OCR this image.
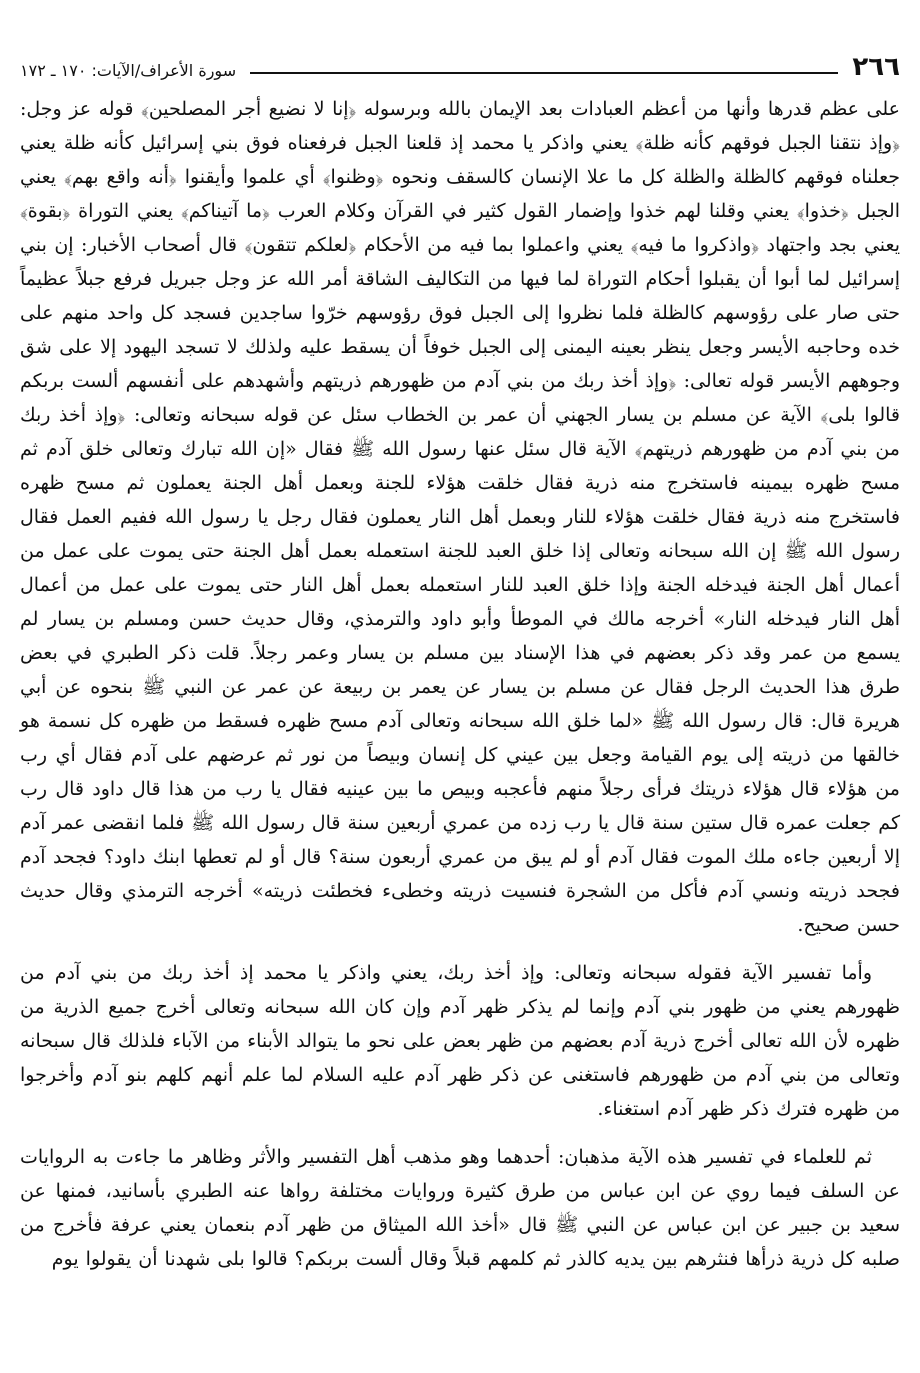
٢٦٦
سورة الأعراف/الآيات: ١٧٠ ـ ١٧٢

على عظم قدرها وأنها من أعظم العبادات بعد الإيمان بالله وبرسوله ﴿إنا لا نضيع أجر المصلحين﴾ قوله عز وجل: ﴿وإذ نتقنا الجبل فوقهم كأنه ظلة﴾ يعني واذكر يا محمد إذ قلعنا الجبل فرفعناه فوق بني إسرائيل كأنه ظلة يعني جعلناه فوقهم كالظلة والظلة كل ما علا الإنسان كالسقف ونحوه ﴿وظنوا﴾ أي علموا وأيقنوا ﴿أنه واقع بهم﴾ يعني الجبل ﴿خذوا﴾ يعني وقلنا لهم خذوا وإضمار القول كثير في القرآن وكلام العرب ﴿ما آتيناكم﴾ يعني التوراة ﴿بقوة﴾ يعني بجد واجتهاد ﴿واذكروا ما فيه﴾ يعني واعملوا بما فيه من الأحكام ﴿لعلكم تتقون﴾ قال أصحاب الأخبار: إن بني إسرائيل لما أبوا أن يقبلوا أحكام التوراة لما فيها من التكاليف الشاقة أمر الله عز وجل جبريل فرفع جبلاً عظيماً حتى صار على رؤوسهم كالظلة فلما نظروا إلى الجبل فوق رؤوسهم خرّوا ساجدين فسجد كل واحد منهم على خده وحاجبه الأيسر وجعل ينظر بعينه اليمنى إلى الجبل خوفاً أن يسقط عليه ولذلك لا تسجد اليهود إلا على شق وجوههم الأيسر قوله تعالى: ﴿وإذ أخذ ربك من بني آدم من ظهورهم ذريتهم وأشهدهم على أنفسهم ألست بربكم قالوا بلى﴾ الآية عن مسلم بن يسار الجهني أن عمر بن الخطاب سئل عن قوله سبحانه وتعالى: ﴿وإذ أخذ ربك من بني آدم من ظهورهم ذريتهم﴾ الآية قال سئل عنها رسول الله ﷺ فقال «إن الله تبارك وتعالى خلق آدم ثم مسح ظهره بيمينه فاستخرج منه ذرية فقال خلقت هؤلاء للجنة وبعمل أهل الجنة يعملون ثم مسح ظهره فاستخرج منه ذرية فقال خلقت هؤلاء للنار وبعمل أهل النار يعملون فقال رجل يا رسول الله ففيم العمل فقال رسول الله ﷺ إن الله سبحانه وتعالى إذا خلق العبد للجنة استعمله بعمل أهل الجنة حتى يموت على عمل من أعمال أهل الجنة فيدخله الجنة وإذا خلق العبد للنار استعمله بعمل أهل النار حتى يموت على عمل من أعمال أهل النار فيدخله النار» أخرجه مالك في الموطأ وأبو داود والترمذي، وقال حديث حسن ومسلم بن يسار لم يسمع من عمر وقد ذكر بعضهم في هذا الإسناد بين مسلم بن يسار وعمر رجلاً. قلت ذكر الطبري في بعض طرق هذا الحديث الرجل فقال عن مسلم بن يسار عن يعمر بن ربيعة عن عمر عن النبي ﷺ بنحوه عن أبي هريرة قال: قال رسول الله ﷺ «لما خلق الله سبحانه وتعالى آدم مسح ظهره فسقط من ظهره كل نسمة هو خالقها من ذريته إلى يوم القيامة وجعل بين عيني كل إنسان وبيصاً من نور ثم عرضهم على آدم فقال أي رب من هؤلاء قال هؤلاء ذريتك فرأى رجلاً منهم فأعجبه وبيص ما بين عينيه فقال يا رب من هذا قال داود قال رب كم جعلت عمره قال ستين سنة قال يا رب زده من عمري أربعين سنة قال رسول الله ﷺ فلما انقضى عمر آدم إلا أربعين جاءه ملك الموت فقال آدم أو لم يبق من عمري أربعون سنة؟ قال أو لم تعطها ابنك داود؟ فجحد آدم فجحد ذريته ونسي آدم فأكل من الشجرة فنسيت ذريته وخطىء فخطئت ذريته» أخرجه الترمذي وقال حديث حسن صحيح.

وأما تفسير الآية فقوله سبحانه وتعالى: وإذ أخذ ربك، يعني واذكر يا محمد إذ أخذ ربك من بني آدم من ظهورهم يعني من ظهور بني آدم وإنما لم يذكر ظهر آدم وإن كان الله سبحانه وتعالى أخرج جميع الذرية من ظهره لأن الله تعالى أخرج ذرية آدم بعضهم من ظهر بعض على نحو ما يتوالد الأبناء من الآباء فلذلك قال سبحانه وتعالى من بني آدم من ظهورهم فاستغنى عن ذكر ظهر آدم عليه السلام لما علم أنهم كلهم بنو آدم وأخرجوا من ظهره فترك ذكر ظهر آدم استغناء.

ثم للعلماء في تفسير هذه الآية مذهبان: أحدهما وهو مذهب أهل التفسير والأثر وظاهر ما جاءت به الروايات عن السلف فيما روي عن ابن عباس من طرق كثيرة وروايات مختلفة رواها عنه الطبري بأسانيد، فمنها عن سعيد بن جبير عن ابن عباس عن النبي ﷺ قال «أخذ الله الميثاق من ظهر آدم بنعمان يعني عرفة فأخرج من صلبه كل ذرية ذرأها فنثرهم بين يديه كالذر ثم كلمهم قبلاً وقال ألست بربكم؟ قالوا بلى شهدنا أن يقولوا يوم
